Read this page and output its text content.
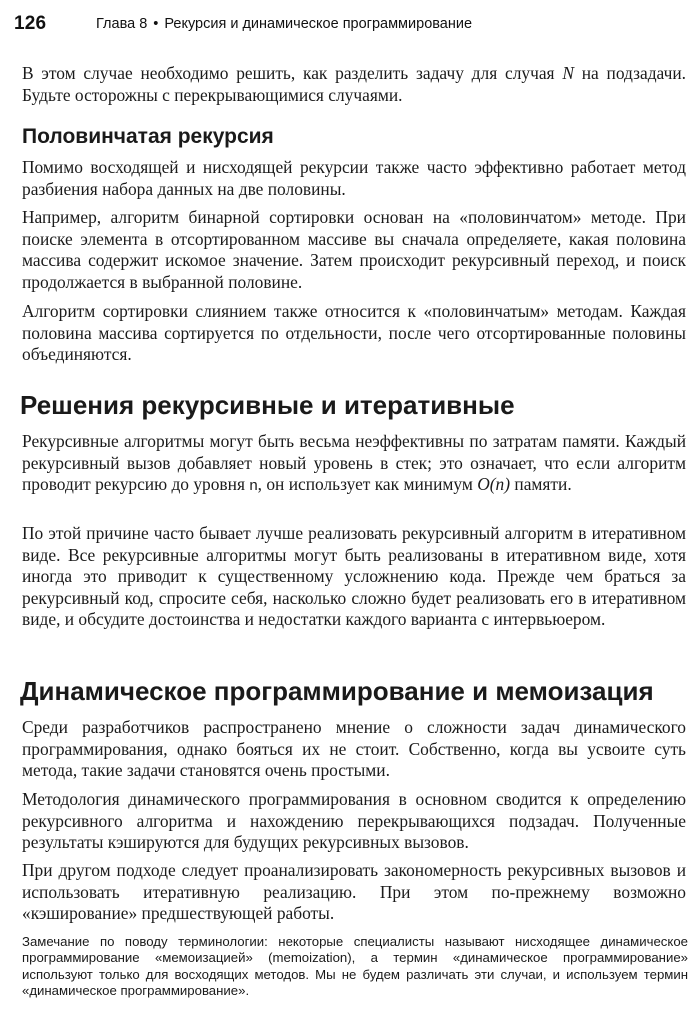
126	Глава 8 • Рекурсия и динамическое программирование

В этом случае необходимо решить, как разделить задачу для случая N на подзадачи. Будьте осторожны с перекрывающимися случаями.

Половинчатая рекурсия

Помимо восходящей и нисходящей рекурсии также часто эффективно работает метод разбиения набора данных на две половины.

Например, алгоритм бинарной сортировки основан на «половинчатом» методе. При поиске элемента в отсортированном массиве вы сначала определяете, какая половина массива содержит искомое значение. Затем происходит рекурсивный переход, и поиск продолжается в выбранной половине.

Алгоритм сортировки слиянием также относится к «половинчатым» методам. Каждая половина массива сортируется по отдельности, после чего отсортированные половины объединяются.

Решения рекурсивные и итеративные

Рекурсивные алгоритмы могут быть весьма неэффективны по затратам памяти. Каждый рекурсивный вызов добавляет новый уровень в стек; это означает, что если алгоритм проводит рекурсию до уровня n, он использует как минимум O(n) памяти.

По этой причине часто бывает лучше реализовать рекурсивный алгоритм в итеративном виде. Все рекурсивные алгоритмы могут быть реализованы в итеративном виде, хотя иногда это приводит к существенному усложнению кода. Прежде чем браться за рекурсивный код, спросите себя, насколько сложно будет реализовать его в итеративном виде, и обсудите достоинства и недостатки каждого варианта с интервьюером.

Динамическое программирование и мемоизация

Среди разработчиков распространено мнение о сложности задач динамического программирования, однако бояться их не стоит. Собственно, когда вы усвоите суть метода, такие задачи становятся очень простыми.

Методология динамического программирования в основном сводится к определению рекурсивного алгоритма и нахождению перекрывающихся подзадач. Полученные результаты кэшируются для будущих рекурсивных вызовов.

При другом подходе следует проанализировать закономерность рекурсивных вызовов и использовать итеративную реализацию. При этом по-прежнему возможно «кэширование» предшествующей работы.

Замечание по поводу терминологии: некоторые специалисты называют нисходящее динамическое программирование «мемоизацией» (memoization), а термин «динамическое программирование» используют только для восходящих методов. Мы не будем различать эти случаи, и используем термин «динамическое программирование».
